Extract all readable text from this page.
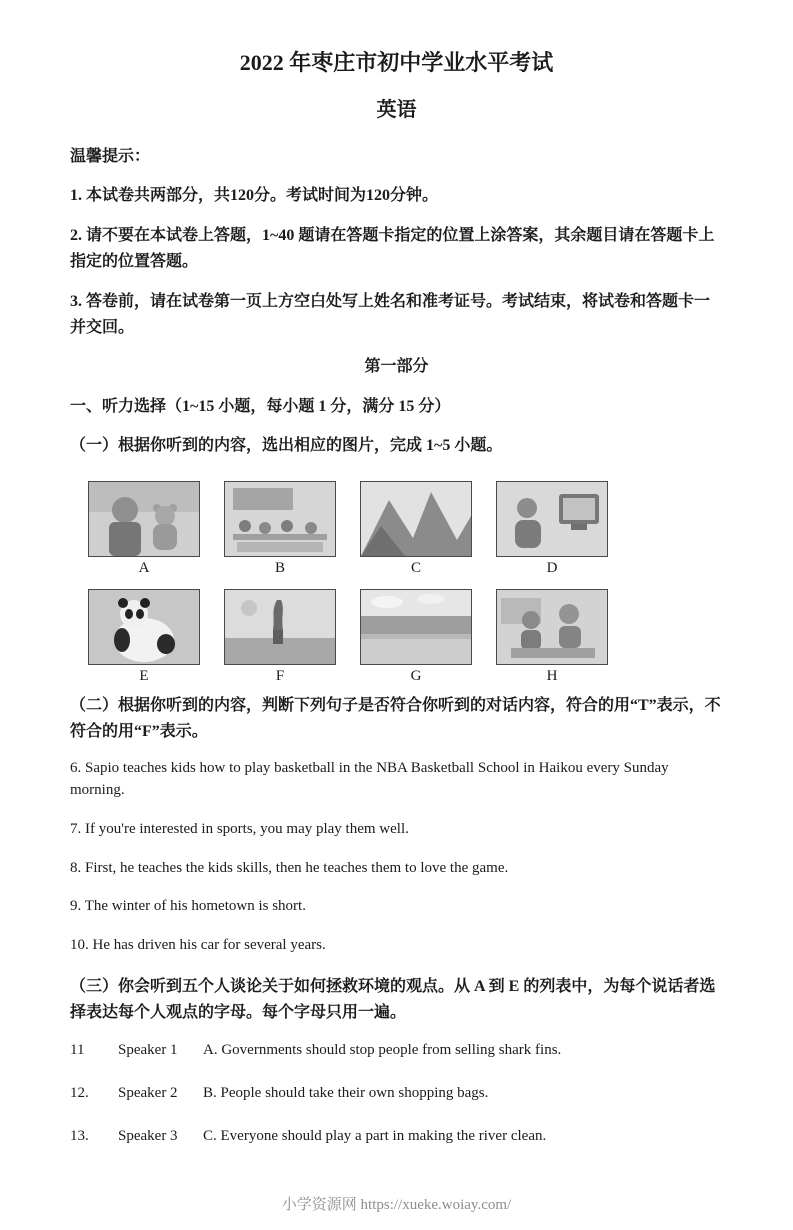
2022 年枣庄市初中学业水平考试
英语

温馨提示：

1. 本试卷共两部分，共120分。考试时间为120分钟。

2. 请不要在本试卷上答题，1~40 题请在答题卡指定的位置上涂答案，其余题目请在答题卡上指定的位置答题。

3. 答卷前，请在试卷第一页上方空白处写上姓名和准考证号。考试结束，将试卷和答题卡一并交回。

第一部分

一、听力选择（1~15 小题，每小题 1 分，满分 15 分）

（一）根据你听到的内容，选出相应的图片，完成 1~5 小题。

A	B	C	D
E	F	G	H

（二）根据你听到的内容，判断下列句子是否符合你听到的对话内容，符合的用“T”表示，不符合的用“F”表示。

6. Sapio teaches kids how to play basketball in the NBA Basketball School in Haikou every Sunday morning.

7. If you're interested in sports, you may play them well.

8. First, he teaches the kids skills, then he teaches them to love the game.

9. The winter of his hometown is short.

10. He has driven his car for several years.

（三）你会听到五个人谈论关于如何拯救环境的观点。从 A 到 E 的列表中，为每个说话者选择表达每个人观点的字母。每个字母只用一遍。

11	Speaker 1	A. Governments should stop people from selling shark fins.
12.	Speaker 2	B. People should take their own shopping bags.
13.	Speaker 3	C. Everyone should play a part in making the river clean.
小学资源网 https://xueke.woiay.com/
